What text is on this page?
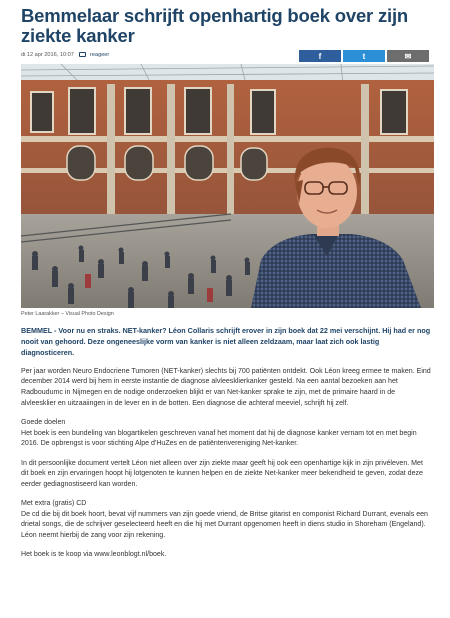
Bemmelaar schrijft openhartig boek over zijn ziekte kanker
di 12 apr 2016, 10:07	reageer	f	t	✉
Peter Laarakker – Visual Photo Design

BEMMEL - Voor nu en straks. NET-kanker? Léon Collaris schrijft erover in zijn boek dat 22 mei verschijnt. Hij had er nog nooit van gehoord. Deze ongeneeslijke vorm van kanker is niet alleen zeldzaam, maar laat zich ook lastig diagnosticeren.

Per jaar worden Neuro Endocriene Tumoren (NET-kanker) slechts bij 700 patiënten ontdekt. Ook Léon kreeg ermee te maken. Eind december 2014 werd bij hem in eerste instantie de diagnose alvleesklierkanker gesteld. Na een aantal bezoeken aan het Radboudumc in Nijmegen en de nodige onderzoeken blijkt er van Net-kanker sprake te zijn, met de primaire haard in de alvleesklier en uitzaaiingen in de lever en in de botten. Een diagnose die achteraf meeviel, schrijft hij zelf.

Goede doelen
Het boek is een bundeling van blogartikelen geschreven vanaf het moment dat hij de diagnose kanker vernam tot en met begin 2016. De opbrengst is voor stichting Alpe d'HuZes en de patiëntenvereniging Net-kanker.

In dit persoonlijke document vertelt Léon niet alleen over zijn ziekte maar geeft hij ook een openhartige kijk in zijn privéleven. Met dit boek en zijn ervaringen hoopt hij lotgenoten te kunnen helpen en de ziekte Net-kanker meer bekendheid te geven, zodat deze eerder gediagnostiseerd kan worden.

Met extra (gratis) CD
De cd die bij dit boek hoort, bevat vijf nummers van zijn goede vriend, de Britse gitarist en componist Richard Durrant, evenals een drietal songs, die de schrijver geselecteerd heeft en die hij met Durrant opgenomen heeft in diens studio in Shoreham (Engeland). Léon neemt hierbij de zang voor zijn rekening.

Het boek is te koop via www.leonblogt.nl/boek.
